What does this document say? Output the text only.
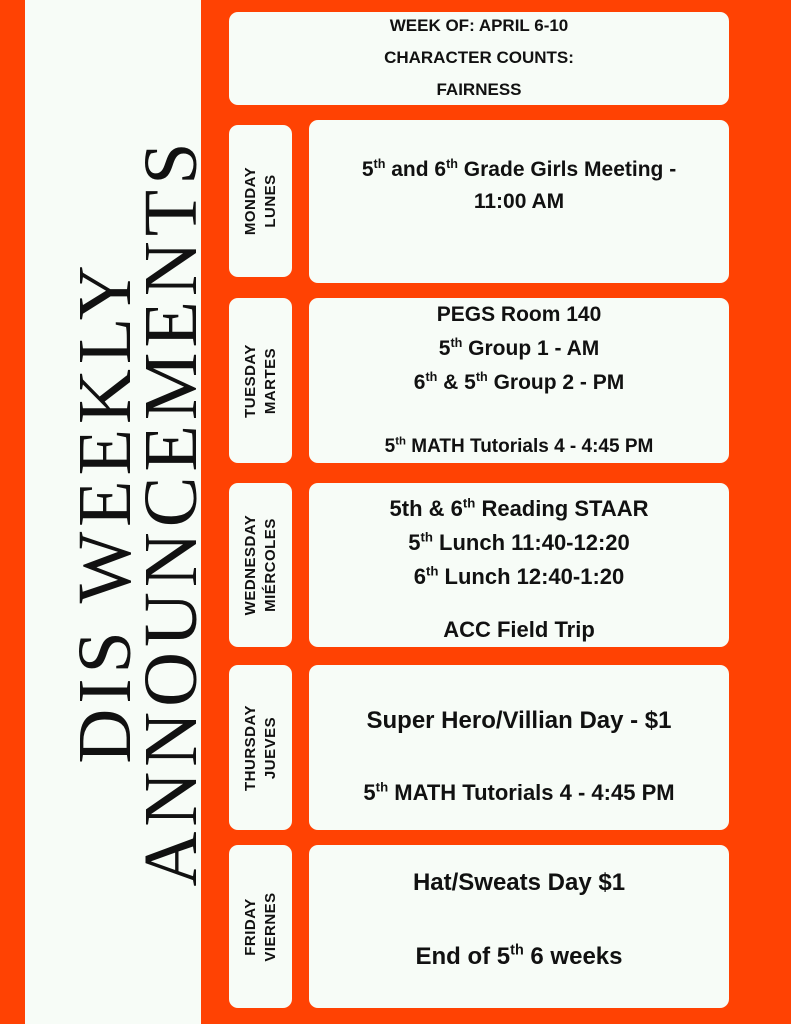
DIS WEEKLY
ANNOUNCEMENTS
WEEK OF: APRIL 6-10
CHARACTER COUNTS:
FAIRNESS
MONDAY LUNES
5th and 6th Grade Girls Meeting -
11:00 AM
TUESDAY MARTES
PEGS Room 140
5th Group 1 - AM
6th & 5th Group 2 - PM
5th MATH Tutorials 4 - 4:45 PM
WEDNESDAY MIÉRCOLES
5th & 6th Reading STAAR
5th Lunch 11:40-12:20
6th Lunch 12:40-1:20
ACC Field Trip
THURSDAY JUEVES	Super Hero/Villian Day - $1
5th MATH Tutorials 4 - 4:45 PM
FRIDAY VIERNES
Hat/Sweats Day $1
End of 5th 6 weeks
